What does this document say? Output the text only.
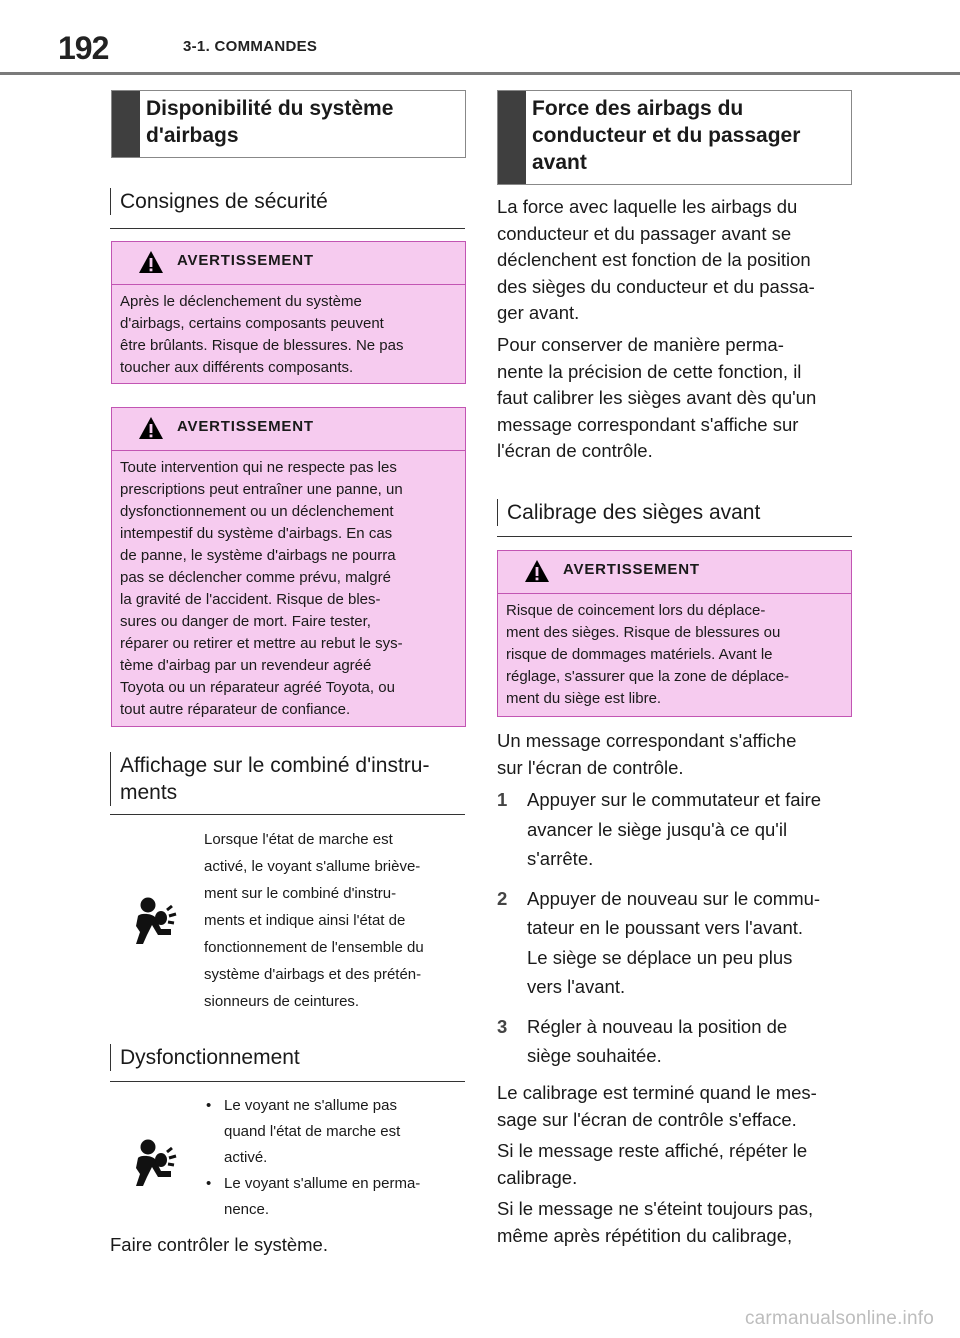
192	3-1. COMMANDES
Disponibilité du système d'airbags
Consignes de sécurité
AVERTISSEMENT
Après le déclenchement du système
d'airbags, certains composants peuvent
être brûlants. Risque de blessures. Ne pas
toucher aux différents composants.
AVERTISSEMENT
Toute intervention qui ne respecte pas les
prescriptions peut entraîner une panne, un
dysfonctionnement ou un déclenchement
intempestif du système d'airbags. En cas
de panne, le système d'airbags ne pourra
pas se déclencher comme prévu, malgré
la gravité de l'accident. Risque de bles-
sures ou danger de mort. Faire tester,
réparer ou retirer et mettre au rebut le sys-
tème d'airbag par un revendeur agréé
Toyota ou un réparateur agréé Toyota, ou
tout autre réparateur de confiance.
Affichage sur le combiné d'instru-
ments
Lorsque l'état de marche est
activé, le voyant s'allume briève-
ment sur le combiné d'instru-
ments et indique ainsi l'état de
fonctionnement de l'ensemble du
système d'airbags et des prétén-
sionneurs de ceintures.
Dysfonctionnement
• Le voyant ne s'allume pas
quand l'état de marche est
activé.
• Le voyant s'allume en perma-
nence.
Faire contrôler le système.
Force des airbags du
conducteur et du passager
avant
La force avec laquelle les airbags du
conducteur et du passager avant se
déclenchent est fonction de la position
des sièges du conducteur et du passa-
ger avant.
Pour conserver de manière perma-
nente la précision de cette fonction, il
faut calibrer les sièges avant dès qu'un
message correspondant s'affiche sur
l'écran de contrôle.
Calibrage des sièges avant
AVERTISSEMENT
Risque de coincement lors du déplace-
ment des sièges. Risque de blessures ou
risque de dommages matériels. Avant le
réglage, s'assurer que la zone de déplace-
ment du siège est libre.
Un message correspondant s'affiche
sur l'écran de contrôle.
1 Appuyer sur le commutateur et faire
avancer le siège jusqu'à ce qu'il
s'arrête.
2 Appuyer de nouveau sur le commu-
tateur en le poussant vers l'avant.
Le siège se déplace un peu plus
vers l'avant.
3 Régler à nouveau la position de
siège souhaitée.
Le calibrage est terminé quand le mes-
sage sur l'écran de contrôle s'efface.
Si le message reste affiché, répéter le
calibrage.
Si le message ne s'éteint toujours pas,
même après répétition du calibrage,
carmanualsonline.info
